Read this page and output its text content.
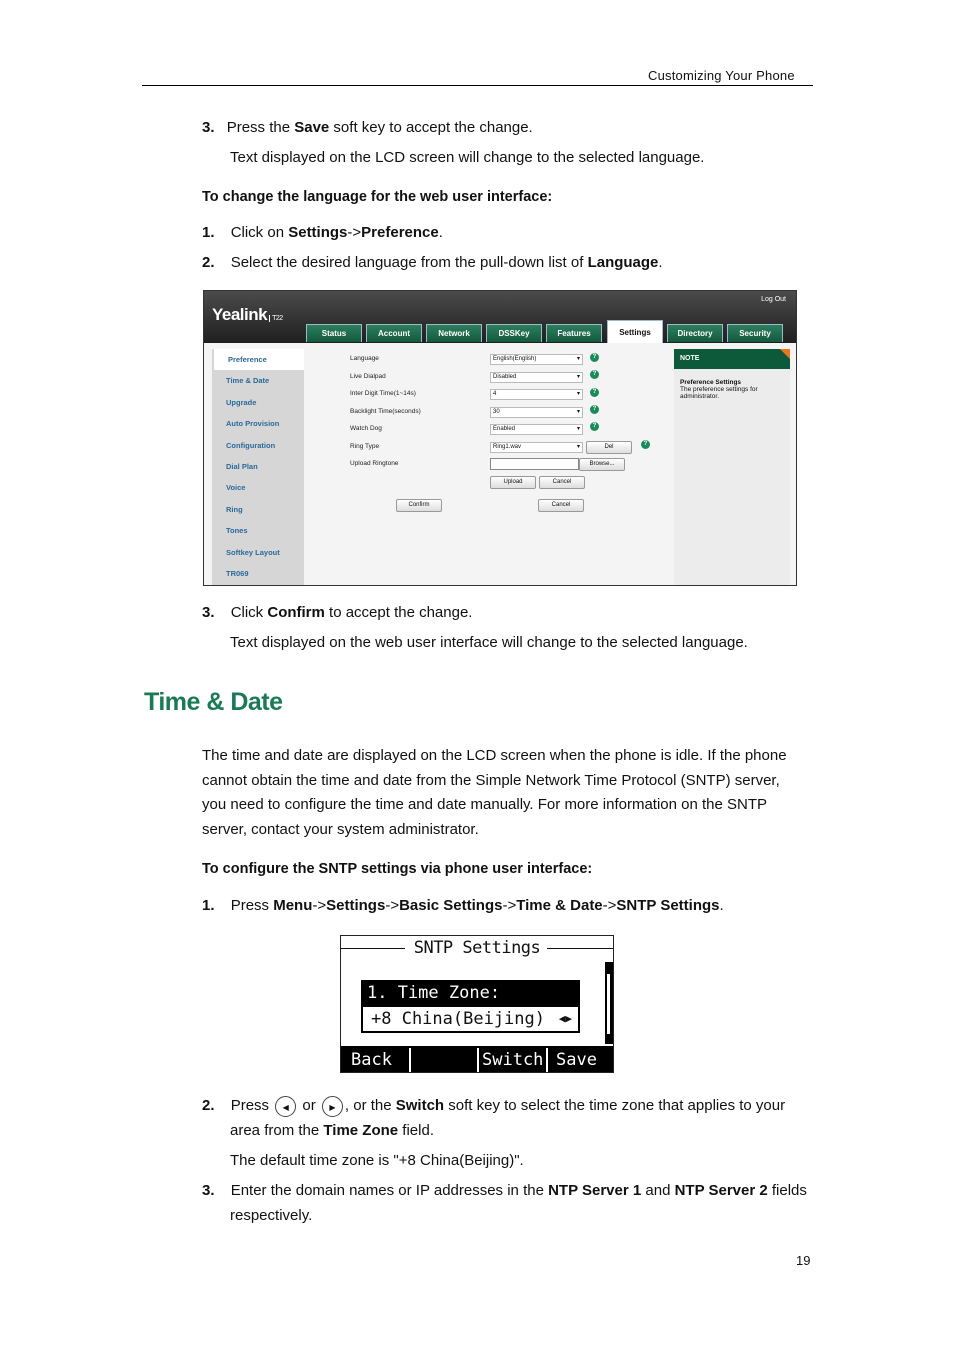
Customizing Your Phone
3. Press the Save soft key to accept the change.
Text displayed on the LCD screen will change to the selected language.
To change the language for the web user interface:
1. Click on Settings->Preference.
2. Select the desired language from the pull-down list of Language.
Yealink T22
Log Out
Status	Account	Network	DSSKey	Features	Settings	Directory	Security
Preference
Time & Date
Upgrade
Auto Provision
Configuration
Dial Plan
Voice
Ring
Tones
Softkey Layout
TR069
Language	English(English) ▾	?
Live Dialpad	Disabled ▾	?
Inter Digit Time(1~14s)	4 ▾	?
Backlight Time(seconds)	30 ▾	?
Watch Dog	Enabled ▾	?
Ring Type	Ring1.wav ▾	Del	?
Upload Ringtone	Browse...
Upload	Cancel
Confirm	Cancel
NOTE
Preference Settings
The preference settings for administrator.
3. Click Confirm to accept the change.
Text displayed on the web user interface will change to the selected language.
Time & Date
The time and date are displayed on the LCD screen when the phone is idle. If the phone
cannot obtain the time and date from the Simple Network Time Protocol (SNTP) server,
you need to configure the time and date manually. For more information on the SNTP
server, contact your system administrator.
To configure the SNTP settings via phone user interface:
1. Press Menu->Settings->Basic Settings->Time & Date->SNTP Settings.
SNTP Settings
1. Time Zone:
+8 China(Beijing) ◀▶
Back	Switch Save
2. Press ◀ or ▶ , or the Switch soft key to select the time zone that applies to your
area from the Time Zone field.
The default time zone is "+8 China(Beijing)".
3. Enter the domain names or IP addresses in the NTP Server 1 and NTP Server 2 fields
respectively.
19
